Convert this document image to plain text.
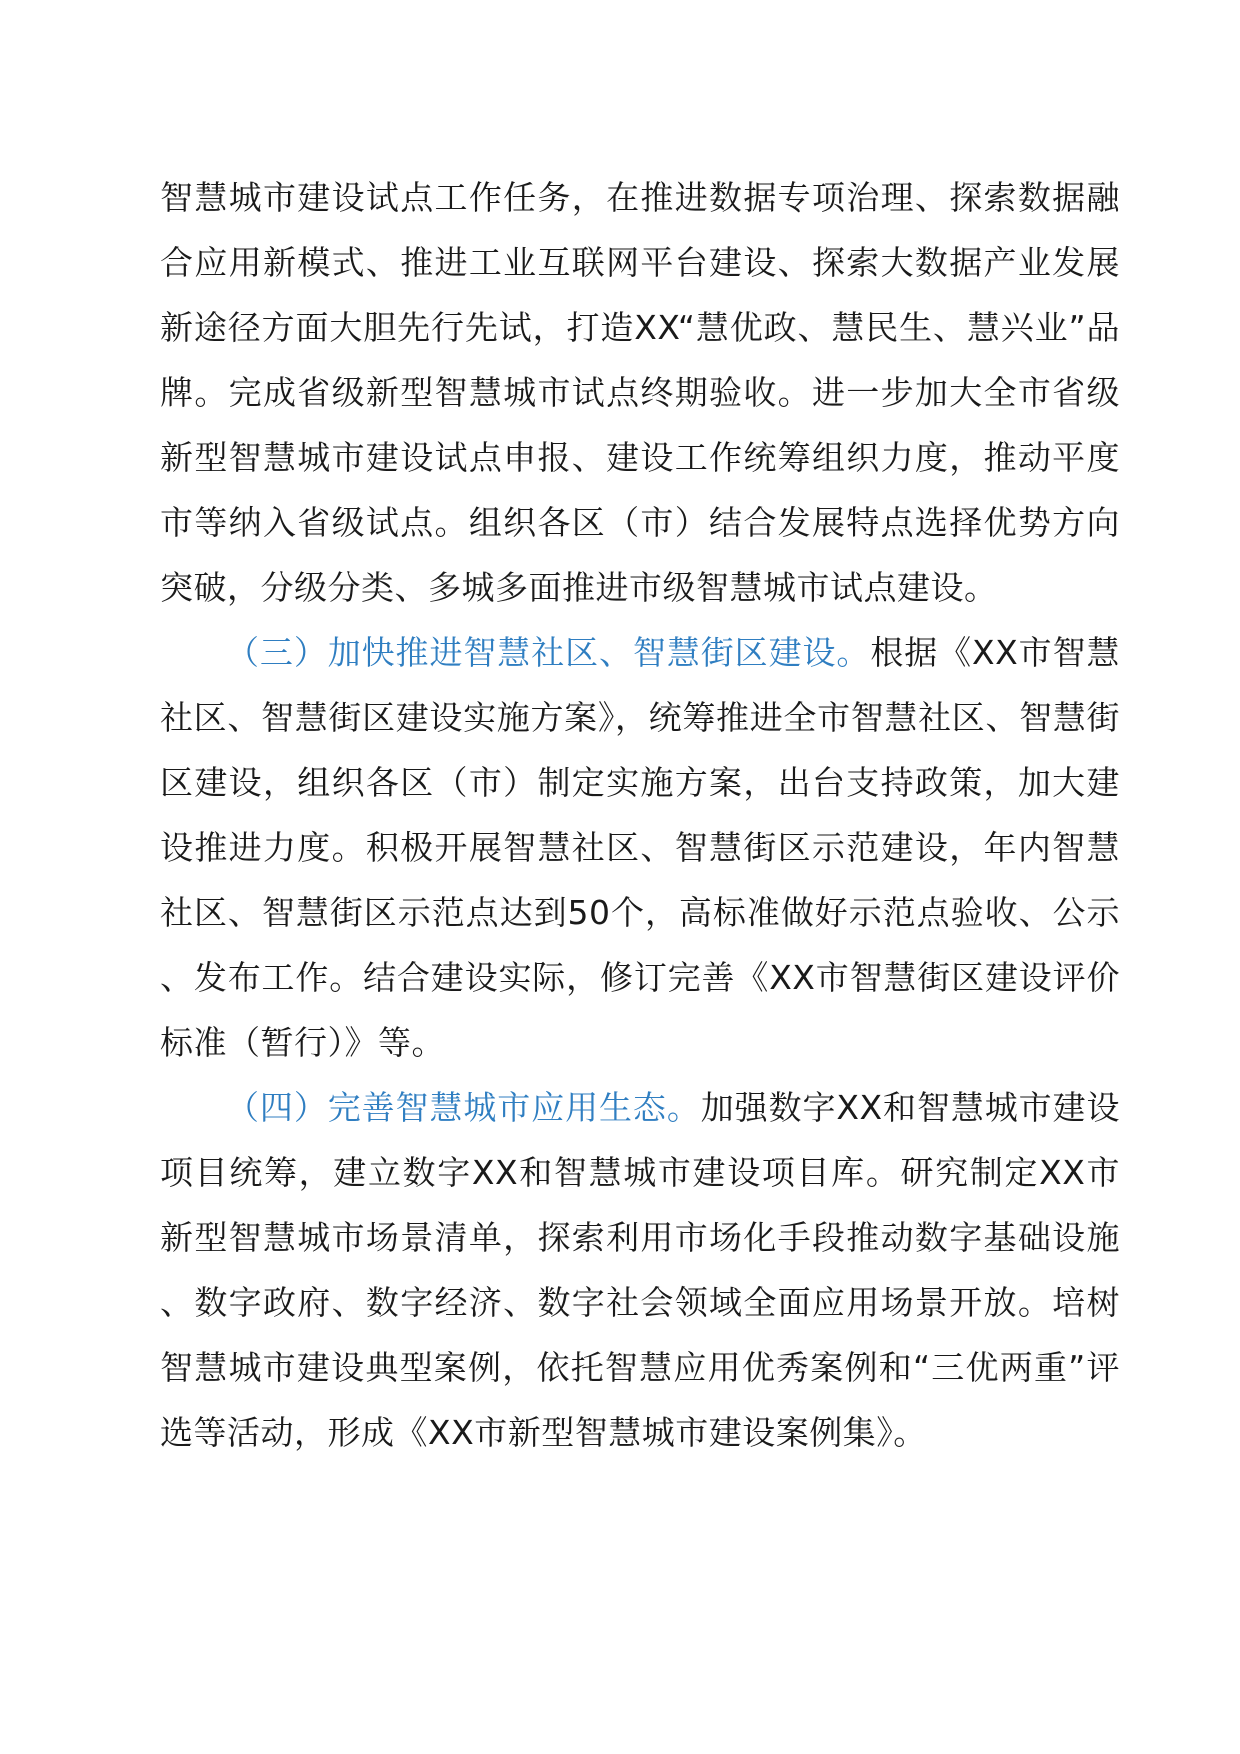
智慧城市建设试点工作任务，在推进数据专项治理、探索数据融合应用新模式、推进工业互联网平台建设、探索大数据产业发展新途径方面大胆先行先试，打造XX“慧优政、慧民生、慧兴业”品牌。完成省级新型智慧城市试点终期验收。进一步加大全市省级新型智慧城市建设试点申报、建设工作统筹组织力度，推动平度市等纳入省级试点。组织各区（市）结合发展特点选择优势方向突破，分级分类、多城多面推进市级智慧城市试点建设。

（三）加快推进智慧社区、智慧街区建设。根据《XX市智慧社区、智慧街区建设实施方案》，统筹推进全市智慧社区、智慧街区建设，组织各区（市）制定实施方案，出台支持政策，加大建设推进力度。积极开展智慧社区、智慧街区示范建设，年内智慧社区、智慧街区示范点达到50个，高标准做好示范点验收、公示、发布工作。结合建设实际，修订完善《XX市智慧街区建设评价标准（暂行）》等。

（四）完善智慧城市应用生态。加强数字XX和智慧城市建设项目统筹，建立数字XX和智慧城市建设项目库。研究制定XX市新型智慧城市场景清单，探索利用市场化手段推动数字基础设施、数字政府、数字经济、数字社会领域全面应用场景开放。培树智慧城市建设典型案例，依托智慧应用优秀案例和“三优两重”评选等活动，形成《XX市新型智慧城市建设案例集》。
